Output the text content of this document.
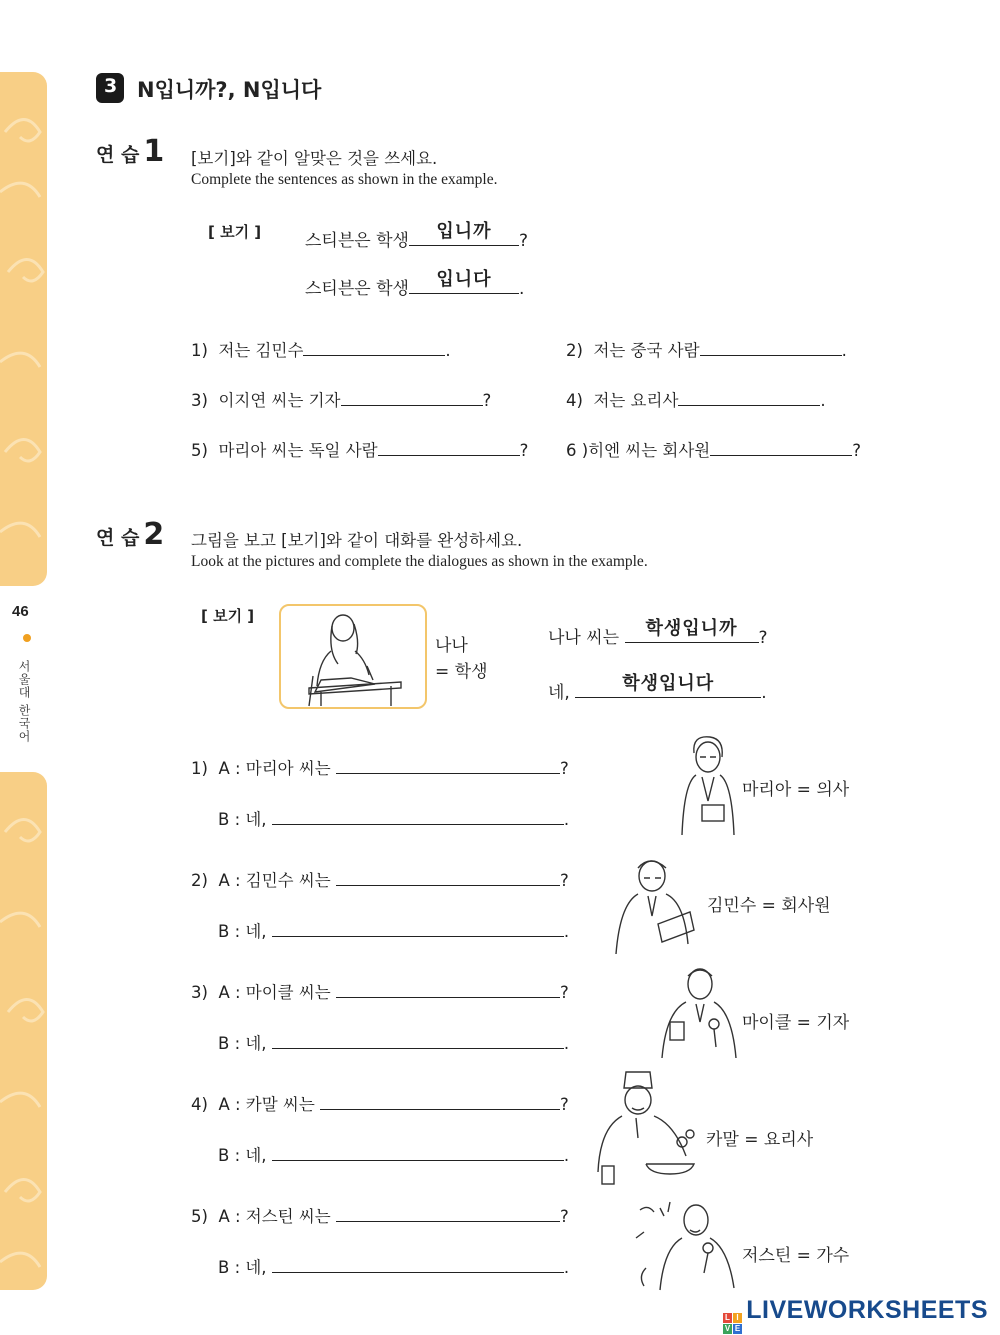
46
서울대 한국어
3 N입니까?, N입니다
연 습 1 [보기]와 같이 알맞은 것을 쓰세요.
Complete the sentences as shown in the example.
[ 보기 ]	스티븐은 학생	입니까	?
스티븐은 학생	입니다	.
1) 저는 김민수	.	2) 저는 중국 사람	.
3) 이지연 씨는 기자	?	4) 저는 요리사	.
5) 마리아 씨는 독일 사람	? 6 )히엔 씨는 회사원	?
연 습 2 그림을 보고 [보기]와 같이 대화를 완성하세요.
Look at the pictures and complete the dialogues as shown in the example.
[ 보기 ]
나나
= 학생
나나 씨는	학생입니까	?
네,	학생입니다	.
1) A : 마리아 씨는	?
B : 네,	.
마리아 = 의사
2) A : 김민수 씨는	?
B : 네,	.
김민수 = 회사원
3) A : 마이클 씨는	?
B : 네,	.
마이클 = 기자
4) A : 카말 씨는	?
B : 네,	.
카말 = 요리사
5) A : 저스틴 씨는	?
B : 네,	.
저스틴 = 가수
L I
V E
LIVEWORKSHEETS
